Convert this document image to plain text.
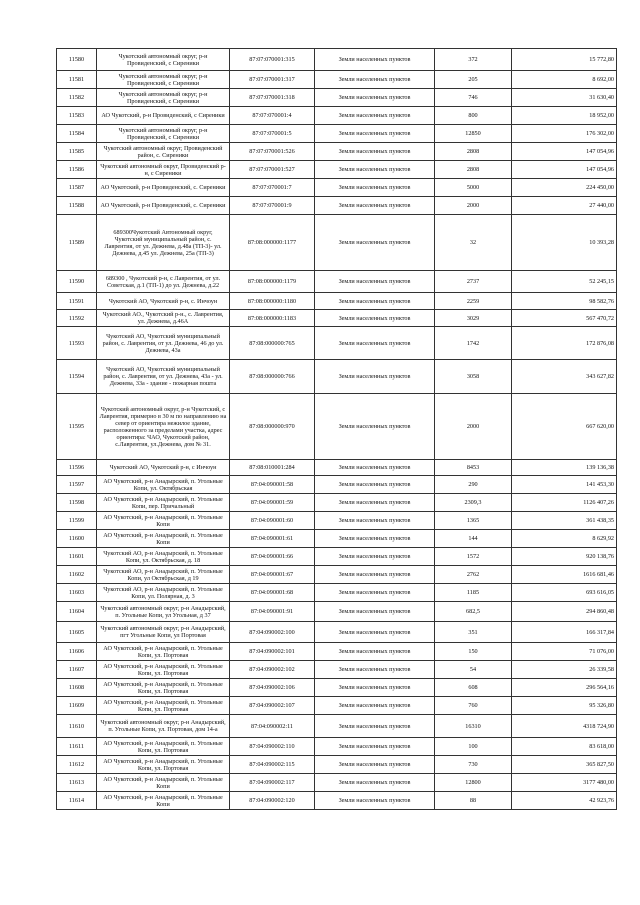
11580	Чукотский автономный округ, р-н Провиденский, с Сиреники	87:07:070001:315	Земли населенных пунктов	372	15 772,80
11581	Чукотский автономный округ, р-н Провиденский, с Сиреники	87:07:070001:317	Земли населенных пунктов	205	8 692,00
11582	Чукотский автономный округ, р-н Провиденский, с Сиреники	87:07:070001:318	Земли населенных пунктов	746	31 630,40
11583	АО Чукотский, р-н Провиденский, с Сиреники	87:07:070001:4	Земли населенных пунктов	800	18 952,00
11584	Чукотский автономный округ, р-н Провиденский, с Сиреники	87:07:070001:5	Земли населенных пунктов	12850	176 302,00
11585	Чукотский автономный округ, Провиденский район, с. Сиреники	87:07:070001:526	Земли населенных пунктов	2808	147 054,96
11586	Чукотский автономный округ, Провиденский р-н, с Сиреники	87:07:070001:527	Земли населенных пунктов	2808	147 054,96
11587	АО Чукотский, р-н Провиденский, с. Сиреники	87:07:070001:7	Земли населенных пунктов	5000	224 450,00
11588	АО Чукотский, р-н Провиденский, с. Сиреники	87:07:070001:9	Земли населенных пунктов	2000	27 440,00
11589	689300Чукотский Автономный округ, Чукотский муниципальный район, с. Лаврентия, от ул. Дежнева, д.48а (ТП-3)- ул. Дежнева, д.45 ул. Дежнева, 25а (ТП-3)	87:08:000000:1177	Земли населенных пунктов	32	10 393,28
11590	689300 , Чукотский р-н, с Лаврентия, от ул. Советская, д.1 (ТП-1) до ул. Дежнева, д.22	87:08:000000:1179	Земли населенных пунктов	2737	52 245,15
11591	Чукотский АО, Чукотский р-н, с. Инчоун	87:08:000000:1180	Земли населенных пунктов	2259	98 582,76
11592	Чукотский АО., Чукотский р-н., с. Лаврентия, ул. Дежнева, д.46А	87:08:000000:1183	Земли населенных пунктов	3029	567 470,72
11593	Чукотский АО, Чукотский муниципальный район, с. Лаврентия, от ул. Дежнева, 46 до ул. Дежнева, 43а	87:08:000000:765	Земли населенных пунктов	1742	172 876,08
11594	Чукотский АО, Чукотский муниципальный район, с. Лаврентия, от ул. Дежнева, 43а - ул. Дежнева, 33а - здание - пожарная пошта	87:08:000000:766	Земли населенных пунктов	3058	343 627,82
11595	Чукотский автономный округ, р-н Чукотский, с Лаврентия, примерно в 30 м по направлению на север от ориентира нежилое здание, расположенного за пределами участка, адрес ориентира: ЧАО, Чукотский район, с.Лаврентия, ул.Дежнева, дом № 31.	87:08:000000:970	Земли населенных пунктов	2000	667 620,00
11596	Чукотский АО, Чукотский р-н, с Инчоун	87:08:010001:284	Земли населенных пунктов	8453	139 136,38
11597	АО Чукотский, р-н Анадырский, п. Угольные Копи, ул. Октябрьская	87:04:090001:58	Земли населенных пунктов	290	141 453,30
11598	АО Чукотский, р-н Анадырский, п. Угольные Копи, пер. Причальный	87:04:090001:59	Земли населенных пунктов	2309,3	1126 407,26
11599	АО Чукотский, р-н Анадырский, п. Угольные Копи	87:04:090001:60	Земли населенных пунктов	1365	361 438,35
11600	АО Чукотский, р-н Анадырский, п. Угольные Копи	87:04:090001:61	Земли населенных пунктов	144	8 629,92
11601	Чукотский АО, р-н Анадырский, п. Угольные Копи, ул. Октябрьская, д. 18	87:04:090001:66	Земли населенных пунктов	1572	920 138,76
11602	Чукотский АО, р-н Анадырский, п. Угольные Копи, ул Октябрьская, д 19	87:04:090001:67	Земли населенных пунктов	2762	1616 681,46
11603	Чукотский АО, р-н Анадырский, п. Угольные Копи, ул. Полярная, д. 3	87:04:090001:68	Земли населенных пунктов	1185	693 616,05
11604	Чукотский автономный округ, р-н Анадырский, п. Угольные Копи, ул Угольная, д 37	87:04:090001:91	Земли населенных пунктов	682,5	294 860,48
11605	Чукотский автономный округ, р-н Анадырский, пгт Угольные Копи, ул Портовая	87:04:090002:100	Земли населенных пунктов	351	166 317,84
11606	АО Чукотский, р-н Анадырский, п. Угольные Копи, ул. Портовая	87:04:090002:101	Земли населенных пунктов	150	71 076,00
11607	АО Чукотский, р-н Анадырский, п. Угольные Копи, ул. Портовая	87:04:090002:102	Земли населенных пунктов	54	26 339,58
11608	АО Чукотский, р-н Анадырский, п. Угольные Копи, ул. Портовая	87:04:090002:106	Земли населенных пунктов	608	296 564,16
11609	АО Чукотский, р-н Анадырский, п. Угольные Копи, ул. Портовая	87:04:090002:107	Земли населенных пунктов	760	95 326,80
11610	Чукотский автономный округ, р-н Анадырский, п. Угольные Копи, ул. Портовая, дом 14-а	87:04:090002:11	Земли населенных пунктов	16310	4318 724,90
11611	АО Чукотский, р-н Анадырский, п. Угольные Копи, ул. Портовая	87:04:090002:110	Земли населенных пунктов	100	83 618,00
11612	АО Чукотский, р-н Анадырский, п. Угольные Копи, ул. Портовая	87:04:090002:115	Земли населенных пунктов	730	365 827,50
11613	АО Чукотский, р-н Анадырский, п. Угольные Копи	87:04:090002:117	Земли населенных пунктов	12800	3177 480,00
11614	АО Чукотский, р-н Анадырский, п. Угольные Копи	87:04:090002:120	Земли населенных пунктов	88	42 923,76
